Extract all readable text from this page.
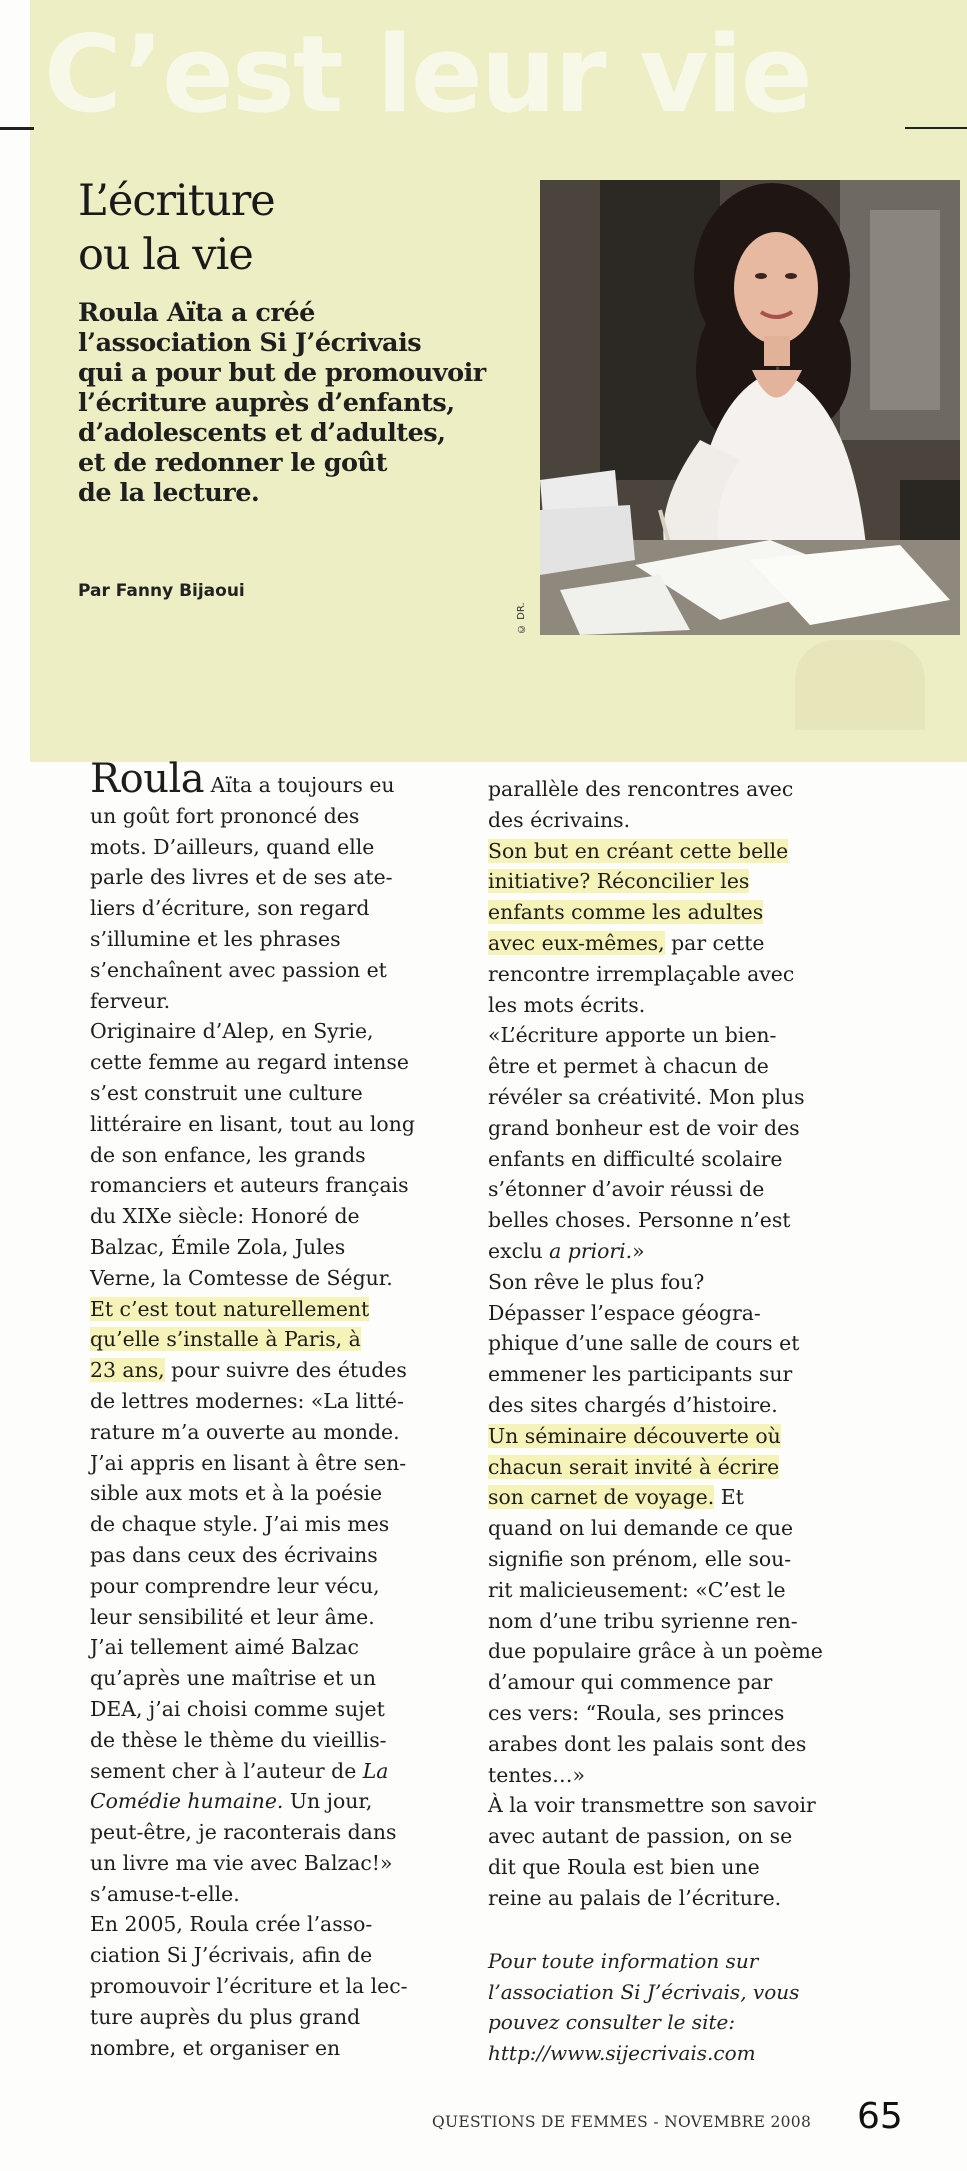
C’est leur vie
L’écriture
ou la vie
Roula Aïta a créé
l’association Si J’écrivais
qui a pour but de promouvoir
l’écriture auprès d’enfants,
d’adolescents et d’adultes,
et de redonner le goût
de la lecture.
Par Fanny Bijaoui
© DR.
Roula Aïta a toujours eu
un goût fort prononcé des
mots. D’ailleurs, quand elle
parle des livres et de ses ate-
liers d’écriture, son regard
s’illumine et les phrases
s’enchaînent avec passion et
ferveur.
Originaire d’Alep, en Syrie,
cette femme au regard intense
s’est construit une culture
littéraire en lisant, tout au long
de son enfance, les grands
romanciers et auteurs français
du XIXe siècle: Honoré de
Balzac, Émile Zola, Jules
Verne, la Comtesse de Ségur.
Et c’est tout naturellement
qu’elle s’installe à Paris, à
23 ans, pour suivre des études
de lettres modernes: «La litté-
rature m’a ouverte au monde.
J’ai appris en lisant à être sen-
sible aux mots et à la poésie
de chaque style. J’ai mis mes
pas dans ceux des écrivains
pour comprendre leur vécu,
leur sensibilité et leur âme.
J’ai tellement aimé Balzac
qu’après une maîtrise et un
DEA, j’ai choisi comme sujet
de thèse le thème du vieillis-
sement cher à l’auteur de La
Comédie humaine. Un jour,
peut-être, je raconterais dans
un livre ma vie avec Balzac!»
s’amuse-t-elle.
En 2005, Roula crée l’asso-
ciation Si J’écrivais, afin de
promouvoir l’écriture et la lec-
ture auprès du plus grand
nombre, et organiser en
parallèle des rencontres avec
des écrivains.
Son but en créant cette belle
initiative? Réconcilier les
enfants comme les adultes
avec eux-mêmes, par cette
rencontre irremplaçable avec
les mots écrits.
«L’écriture apporte un bien-
être et permet à chacun de
révéler sa créativité. Mon plus
grand bonheur est de voir des
enfants en difficulté scolaire
s’étonner d’avoir réussi de
belles choses. Personne n’est
exclu a priori.»
Son rêve le plus fou?
Dépasser l’espace géogra-
phique d’une salle de cours et
emmener les participants sur
des sites chargés d’histoire.
Un séminaire découverte où
chacun serait invité à écrire
son carnet de voyage. Et
quand on lui demande ce que
signifie son prénom, elle sou-
rit malicieusement: «C’est le
nom d’une tribu syrienne ren-
due populaire grâce à un poème
d’amour qui commence par
ces vers: “Roula, ses princes
arabes dont les palais sont des
tentes…»
À la voir transmettre son savoir
avec autant de passion, on se
dit que Roula est bien une
reine au palais de l’écriture.
Pour toute information sur
l’association Si J’écrivais, vous
pouvez consulter le site:
http://www.sijecrivais.com
QUESTIONS DE FEMMES - NOVEMBRE 2008 65
